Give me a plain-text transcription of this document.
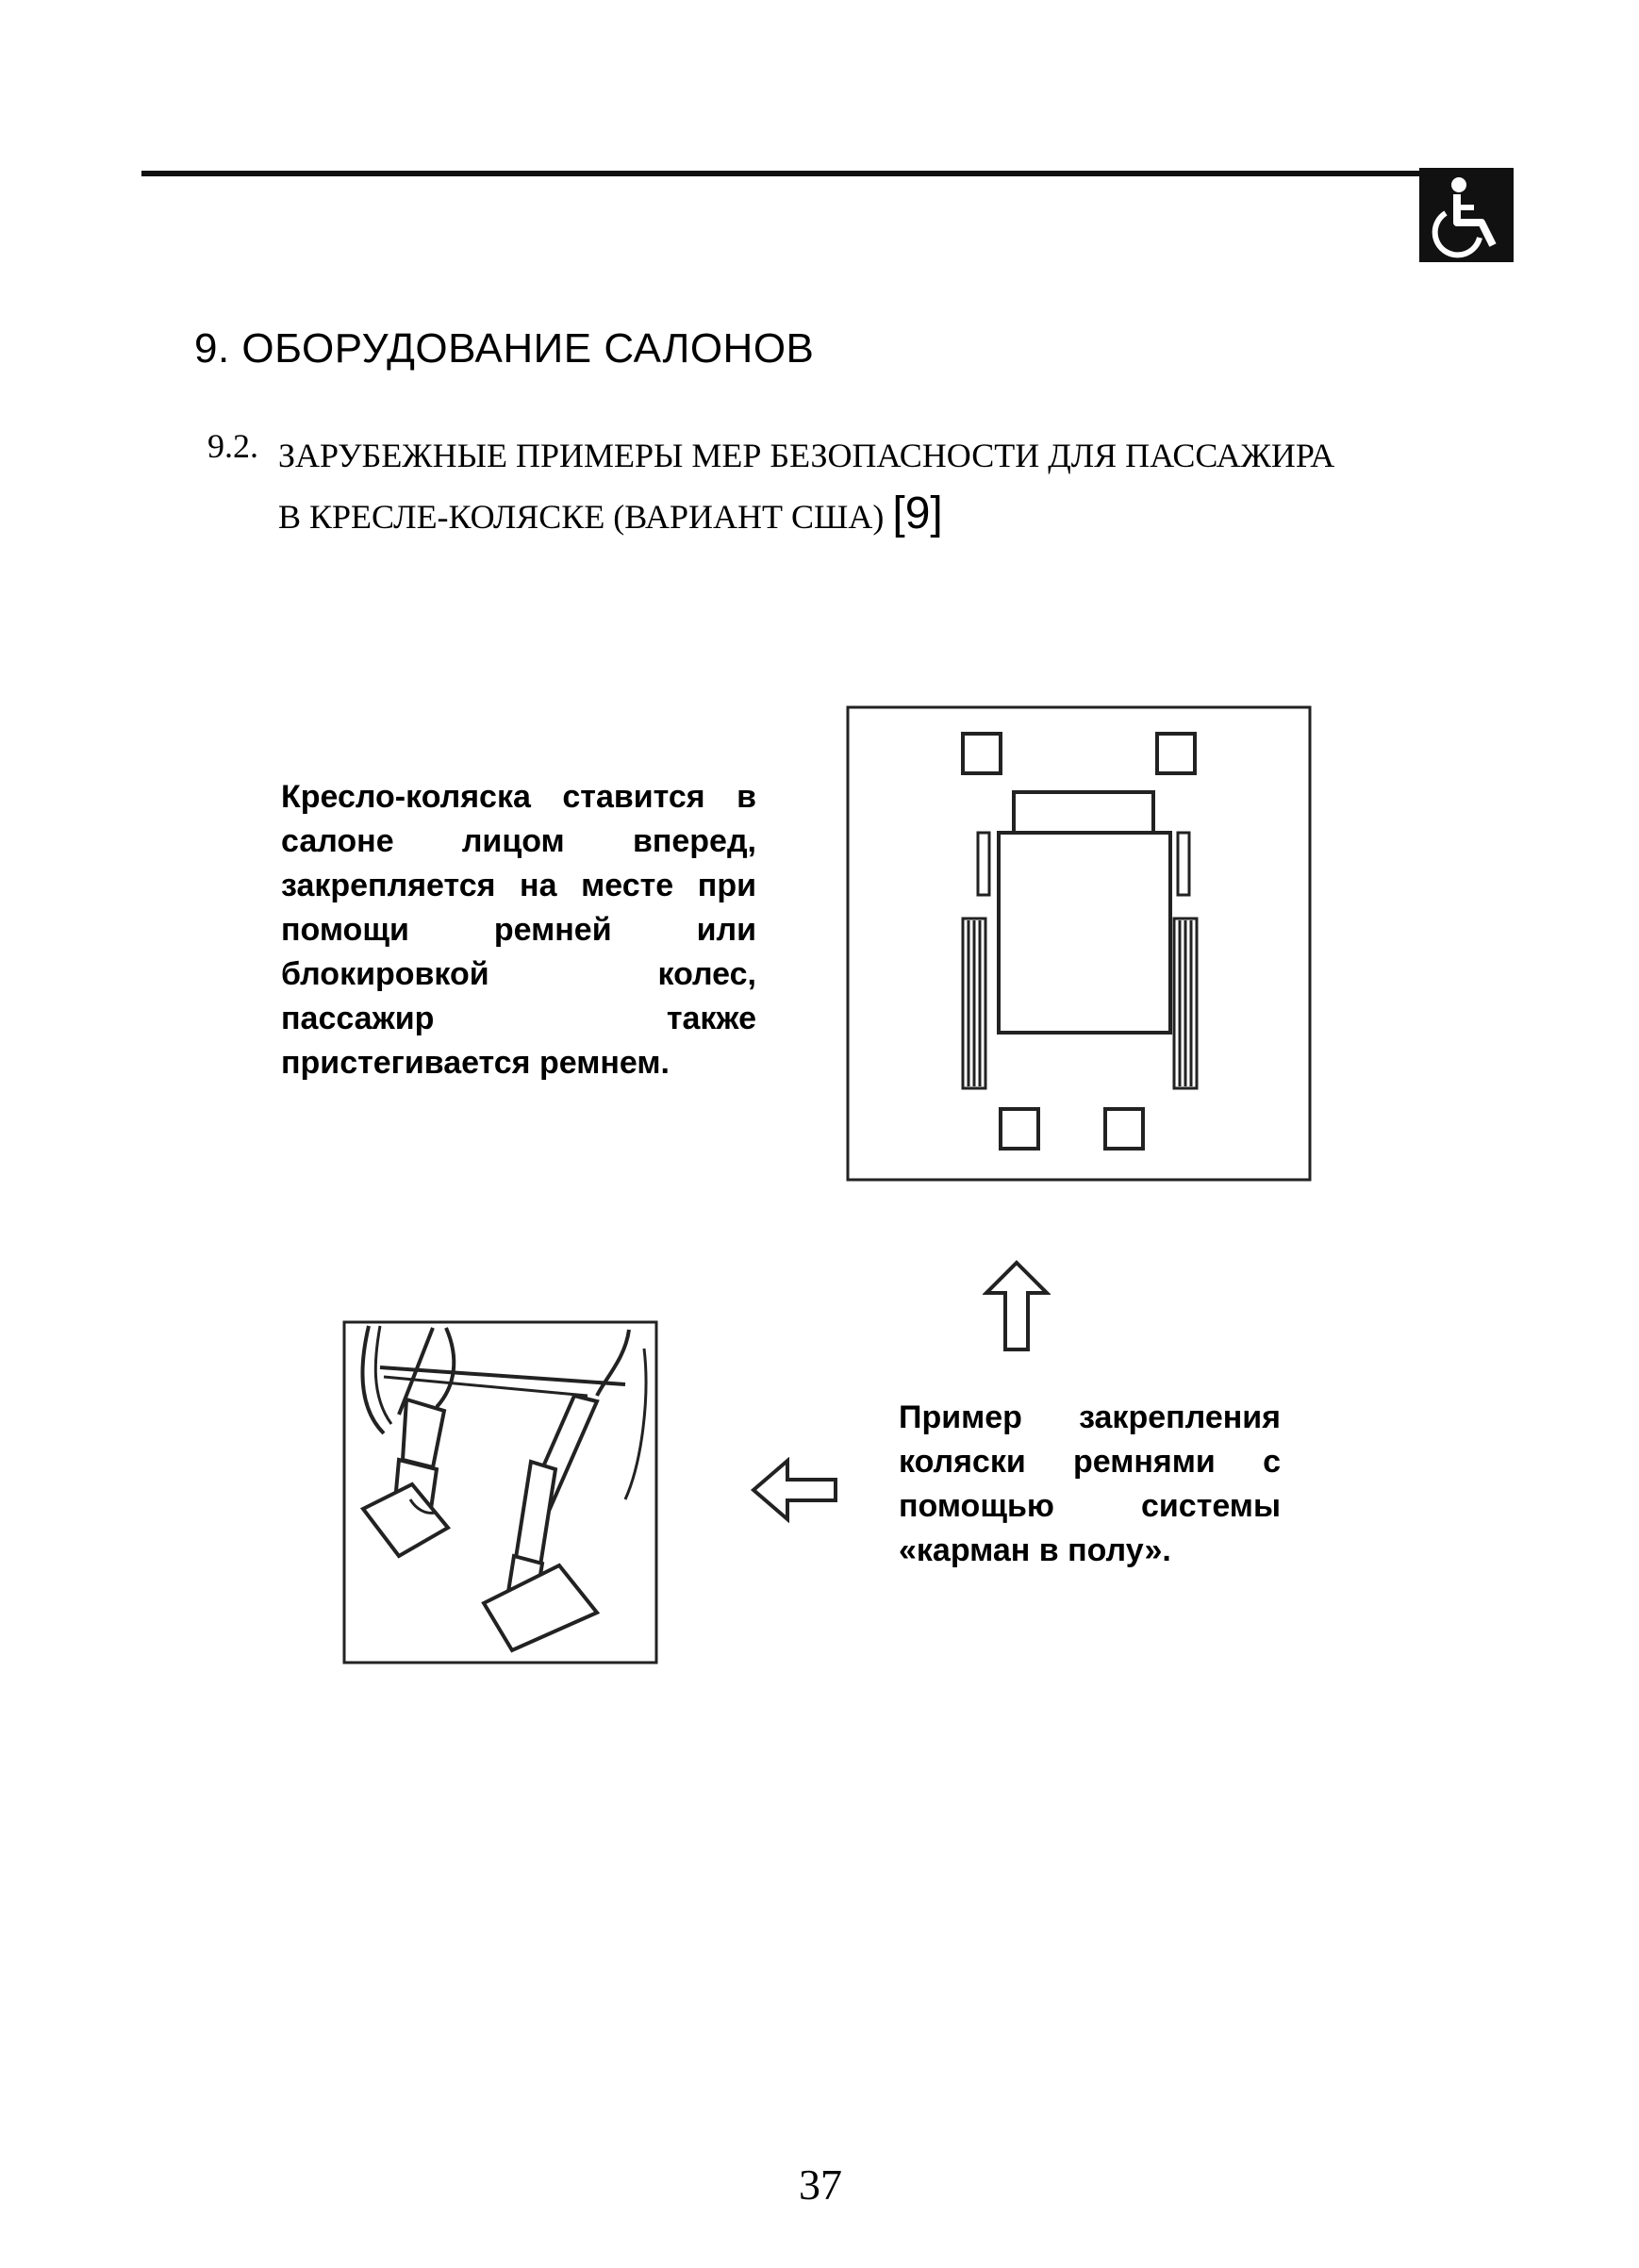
9. ОБОРУДОВАНИЕ САЛОНОВ
9.2. ЗАРУБЕЖНЫЕ ПРИМЕРЫ МЕР БЕЗОПАСНОСТИ ДЛЯ ПАССАЖИРА
В КРЕСЛЕ-КОЛЯСКЕ (ВАРИАНТ США) [9]
Кресло-коляска ставится в салоне лицом вперед, закрепляется на месте при помощи ремней или блокировкой колес, пассажир также пристегивается ремнем.
Пример закрепления коляски ремнями с помощью системы «карман в полу».
37
